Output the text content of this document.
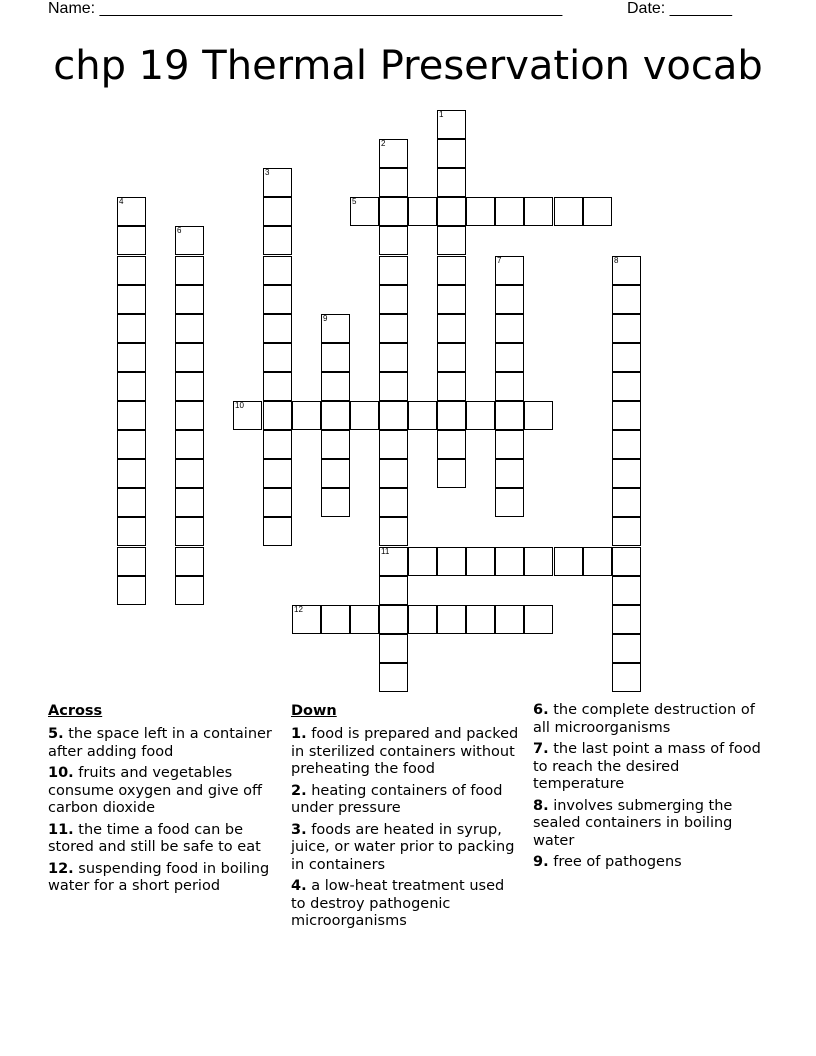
Name: ____________________________________________________	Date: _______
chp 19 Thermal Preservation vocab
1
2
11
3
4	5
6
7	8
9
10
12
Across
5. the space left in a container after adding food
10. fruits and vegetables consume oxygen and give off carbon dioxide
11. the time a food can be stored and still be safe to eat
12. suspending food in boiling water for a short period
Down
1. food is prepared and packed in sterilized containers without preheating the food
2. heating containers of food under pressure
3. foods are heated in syrup, juice, or water prior to packing in containers
4. a low-heat treatment used to destroy pathogenic microorganisms
6. the complete destruction of all microorganisms
7. the last point a mass of food to reach the desired temperature
8. involves submerging the sealed containers in boiling water
9. free of pathogens
